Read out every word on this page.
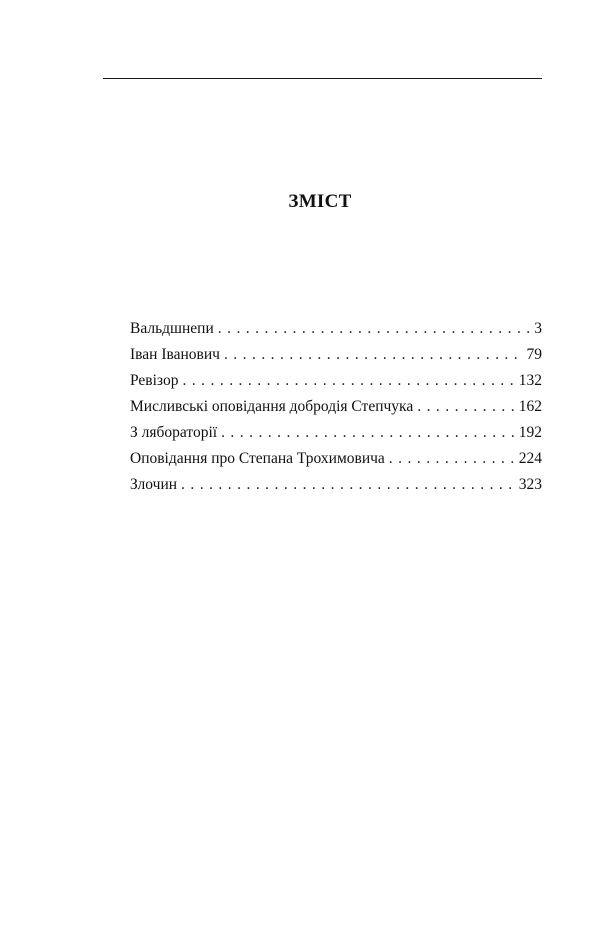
ЗМІСТ
Вальдшнепи . . .	3
Іван Іванович . . .	79
Ревізор . . .	132
Мисливські оповідання добродія Степчука . . .	162
З лябораторії . . .	192
Оповідання про Степана Трохимовича . . .	224
Злочин . . .	323
